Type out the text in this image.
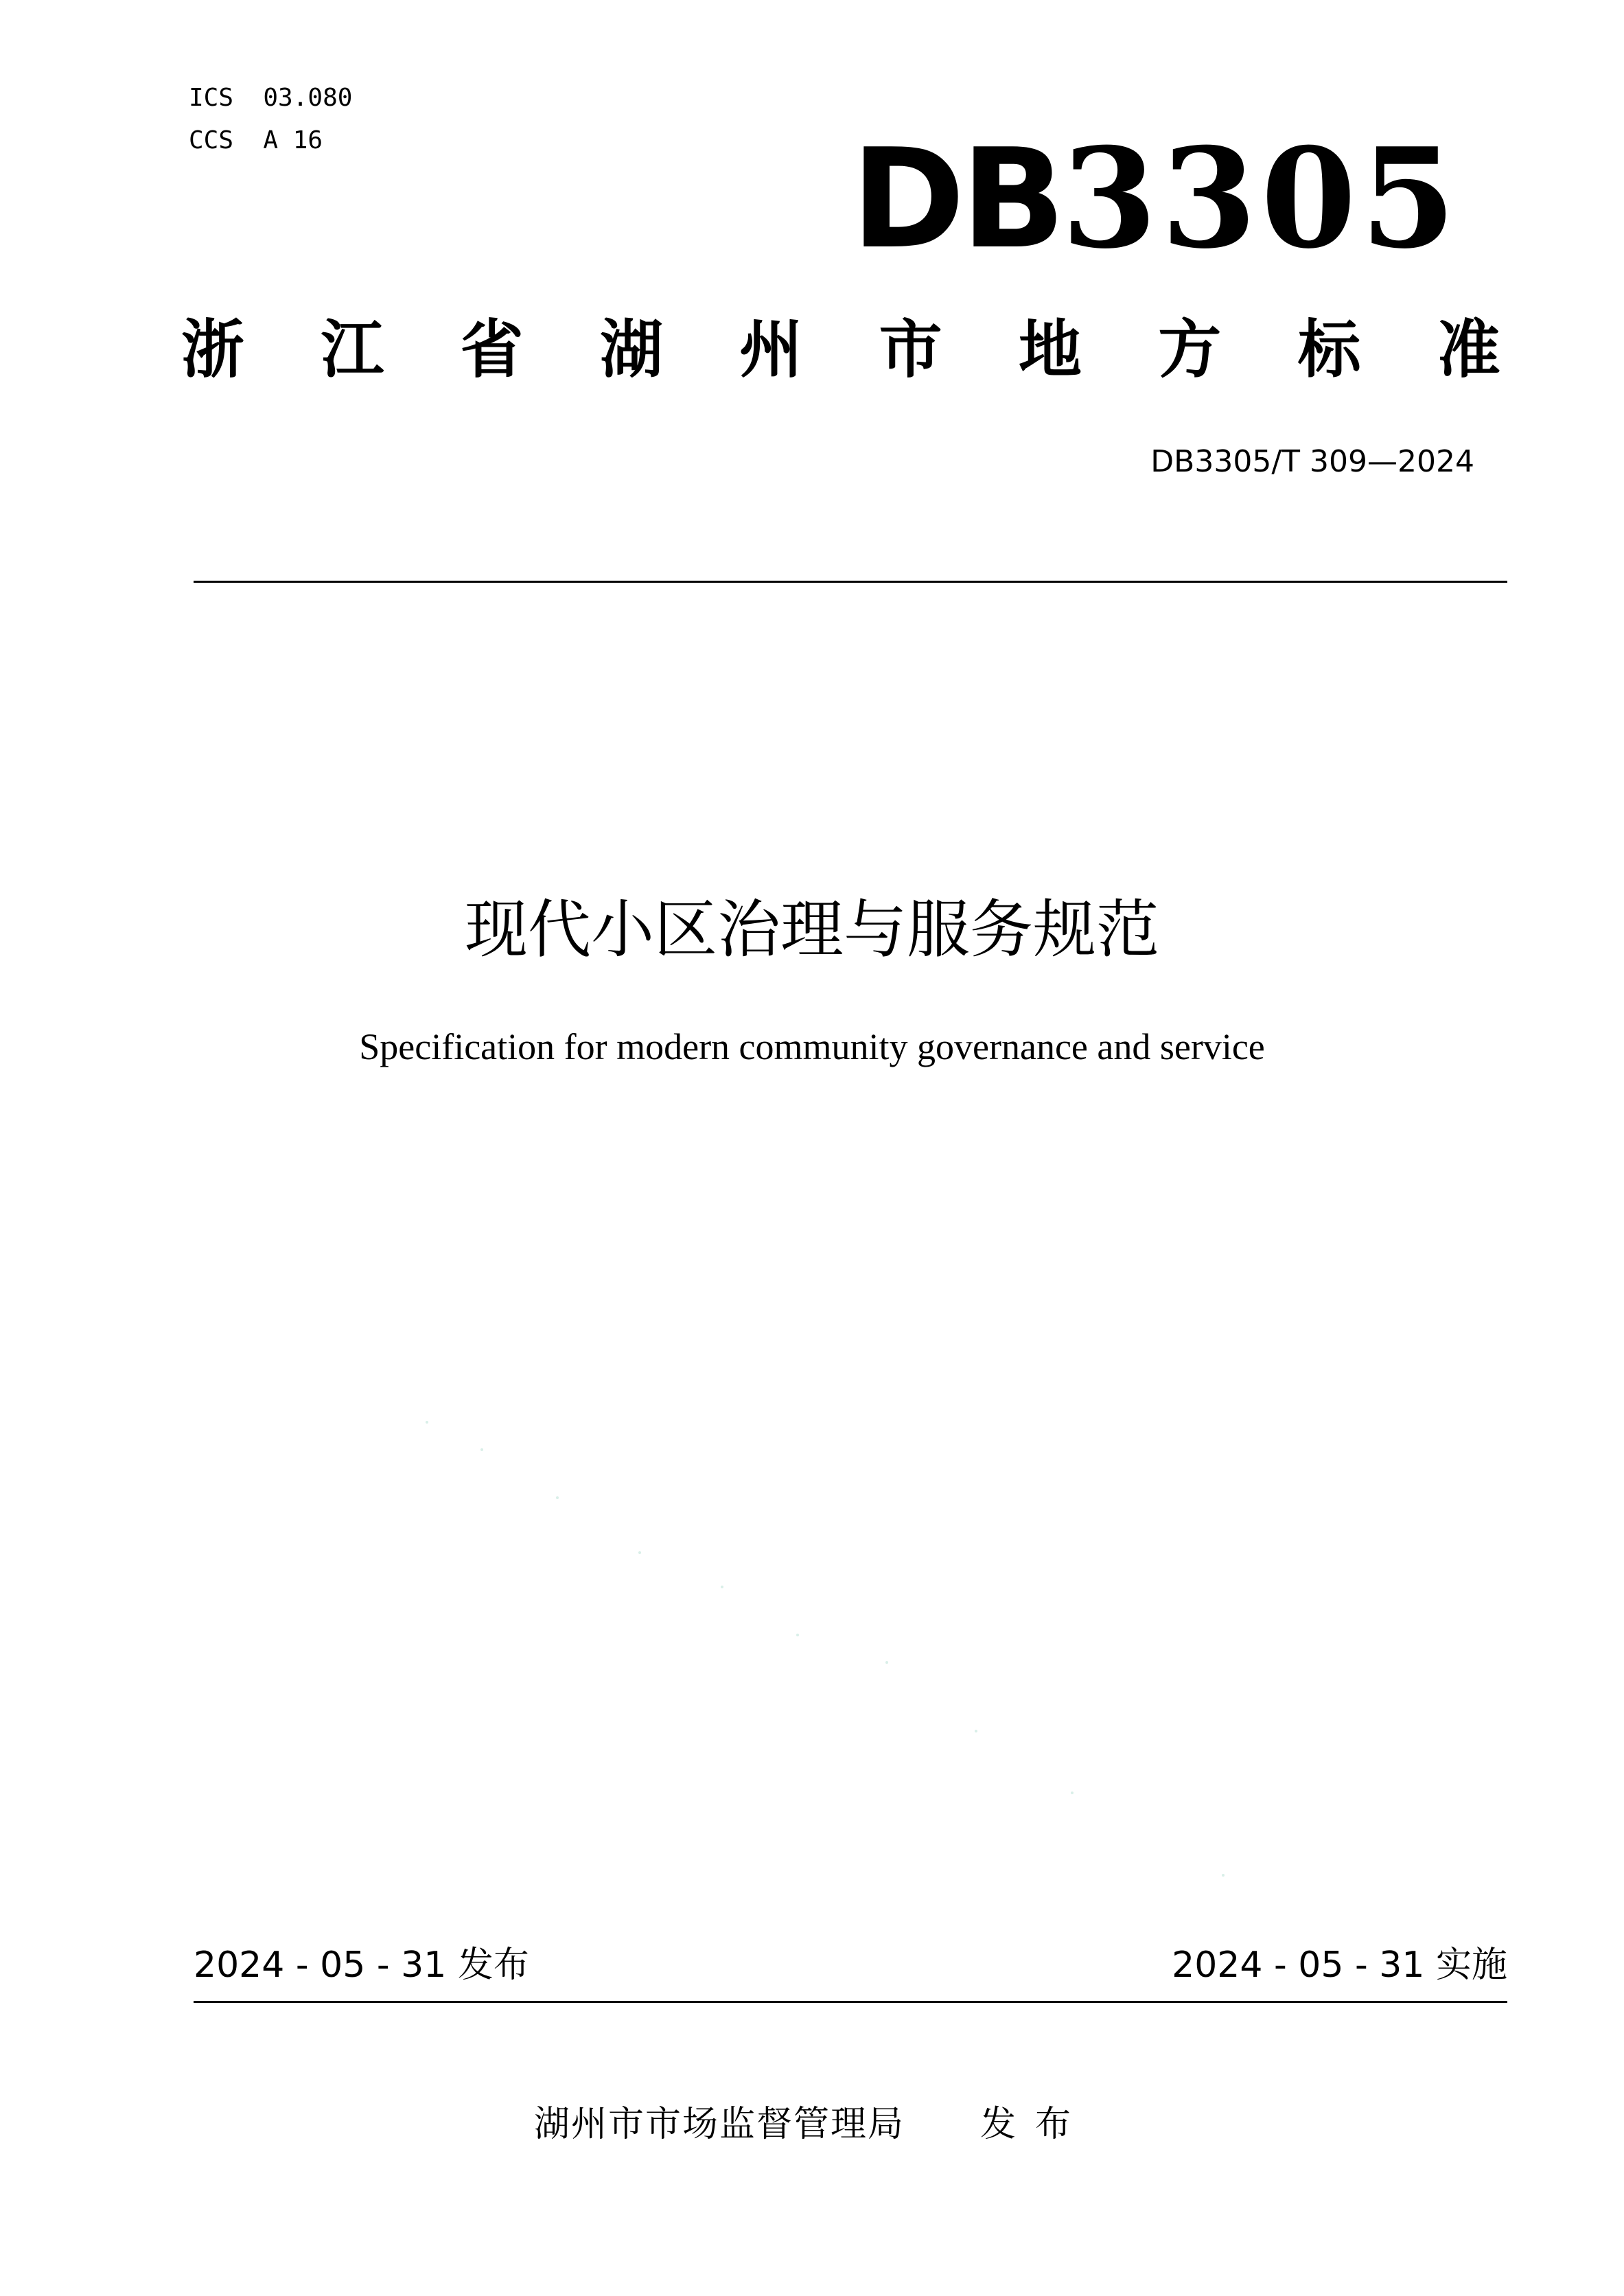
ICS  03.080
CCS  A 16	DB3305
浙 江 省 湖 州 市 地 方 标 准
DB3305/T 309—2024
现代小区治理与服务规范
Specification for modern community governance and service
2024 - 05 - 31 发布	2024 - 05 - 31 实施
湖州市市场监督管理局 发布
